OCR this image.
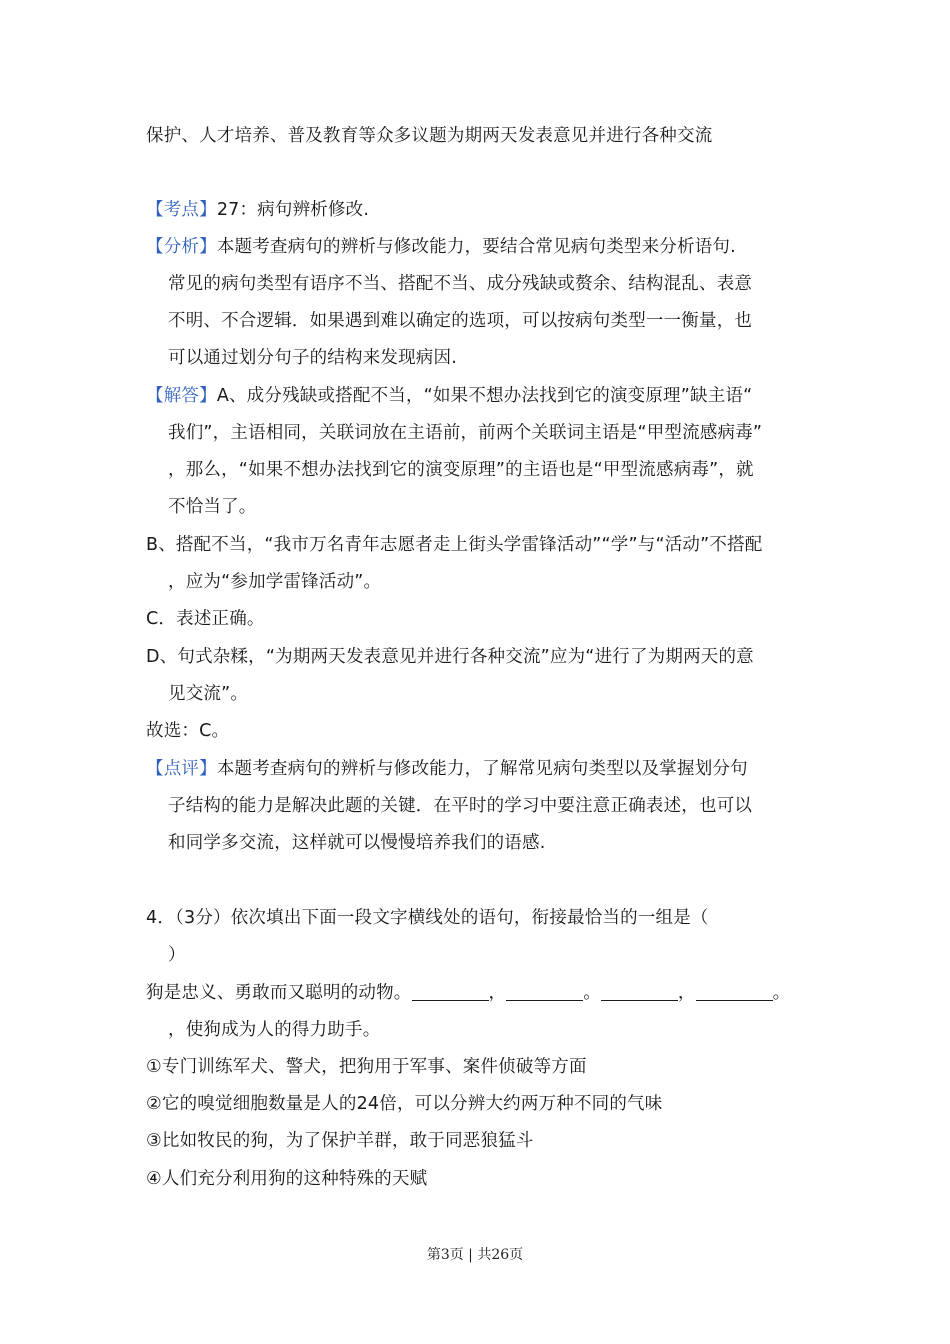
保护、人才培养、普及教育等众多议题为期两天发表意见并进行各种交流
【考点】27：病句辨析修改.
【分析】本题考查病句的辨析与修改能力，要结合常见病句类型来分析语句.
常见的病句类型有语序不当、搭配不当、成分残缺或赘余、结构混乱、表意
不明、不合逻辑．如果遇到难以确定的选项，可以按病句类型一一衡量，也
可以通过划分句子的结构来发现病因.
【解答】A、成分残缺或搭配不当，“如果不想办法找到它的演变原理”缺主语“
我们”，主语相同，关联词放在主语前，前两个关联词主语是“甲型流感病毒”
，那么，“如果不想办法找到它的演变原理”的主语也是“甲型流感病毒”，就
不恰当了。
B、搭配不当，“我市万名青年志愿者走上街头学雷锋活动”“学”与“活动”不搭配
，应为“参加学雷锋活动”。
C．表述正确。
D、句式杂糅，“为期两天发表意见并进行各种交流”应为“进行了为期两天的意
见交流”。
故选：C。
【点评】本题考查病句的辨析与修改能力，了解常见病句类型以及掌握划分句
子结构的能力是解决此题的关键．在平时的学习中要注意正确表述，也可以
和同学多交流，这样就可以慢慢培养我们的语感.
4．（3分）依次填出下面一段文字横线处的语句，衔接最恰当的一组是（
）
狗是忠义、勇敢而又聪明的动物。	，	。	，	。
，使狗成为人的得力助手。
①专门训练军犬、警犬，把狗用于军事、案件侦破等方面
②它的嗅觉细胞数量是人的24倍，可以分辨大约两万种不同的气味
③比如牧民的狗，为了保护羊群，敢于同恶狼猛斗
④人们充分利用狗的这种特殊的天赋
第3页 | 共26页
